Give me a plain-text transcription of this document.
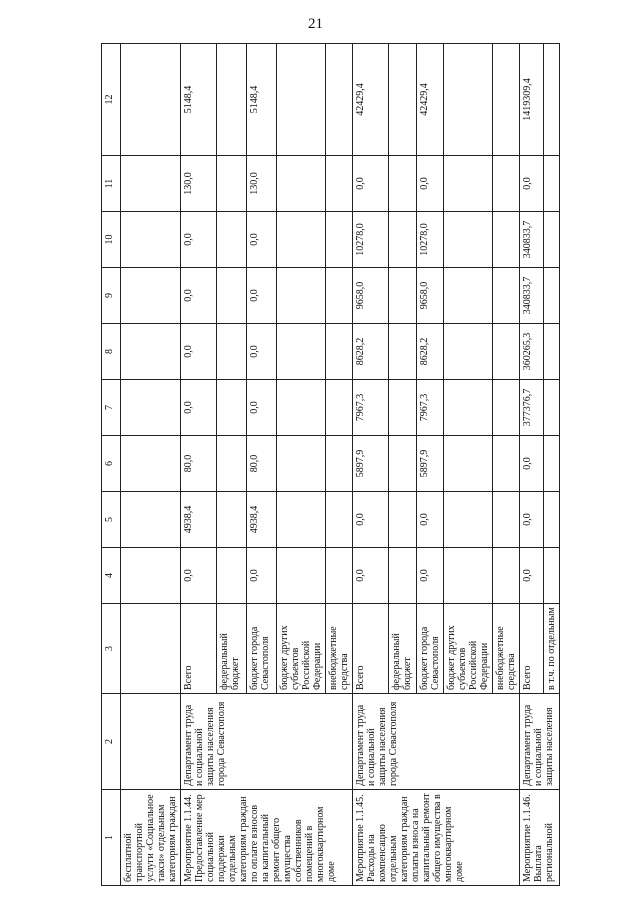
21
1	2	3	4	5	6	7	8	9	10	11	12
бесплатной транспортной услуги «Социальное такси» отдельным категориям граждан											
Мероприятие 1.1.44. Предоставление мер социальной поддержки отдельным категориям граждан по оплате взносов на капитальный ремонт общего имущества собственников помещений в многоквартирном доме	Департамент труда и социальной защиты населения города Севастополя	Всего	0,0	4938,4	80,0	0,0	0,0	0,0	0,0	130,0	5148,4
		федеральный бюджет									
		бюджет города Севастополя	0,0	4938,4	80,0	0,0	0,0	0,0	0,0	130,0	5148,4
		бюджет других субъектов Российской Федерации									
		внебюджетные средства									
Мероприятие 1.1.45. Расходы на компенсацию отдельным категориям граждан оплаты взноса на капитальный ремонт общего имущества в многоквартирном доме	Департамент труда и социальной защиты населения города Севастополя	Всего	0,0	0,0	5897,9	7967,3	8628,2	9658,0	10278,0	0,0	42429,4
		федеральный бюджет									
		бюджет города Севастополя	0,0	0,0	5897,9	7967,3	8628,2	9658,0	10278,0	0,0	42429,4
		бюджет других субъектов Российской Федерации									
		внебюджетные средства									
Мероприятие 1.1.46. Выплата региональной	Департамент труда и социальной защиты населения	Всего	0,0	0,0	0,0	377376,7	360265,3	340833,7	340833,7	0,0	1419309,4
		в т.ч. по отдельным									
